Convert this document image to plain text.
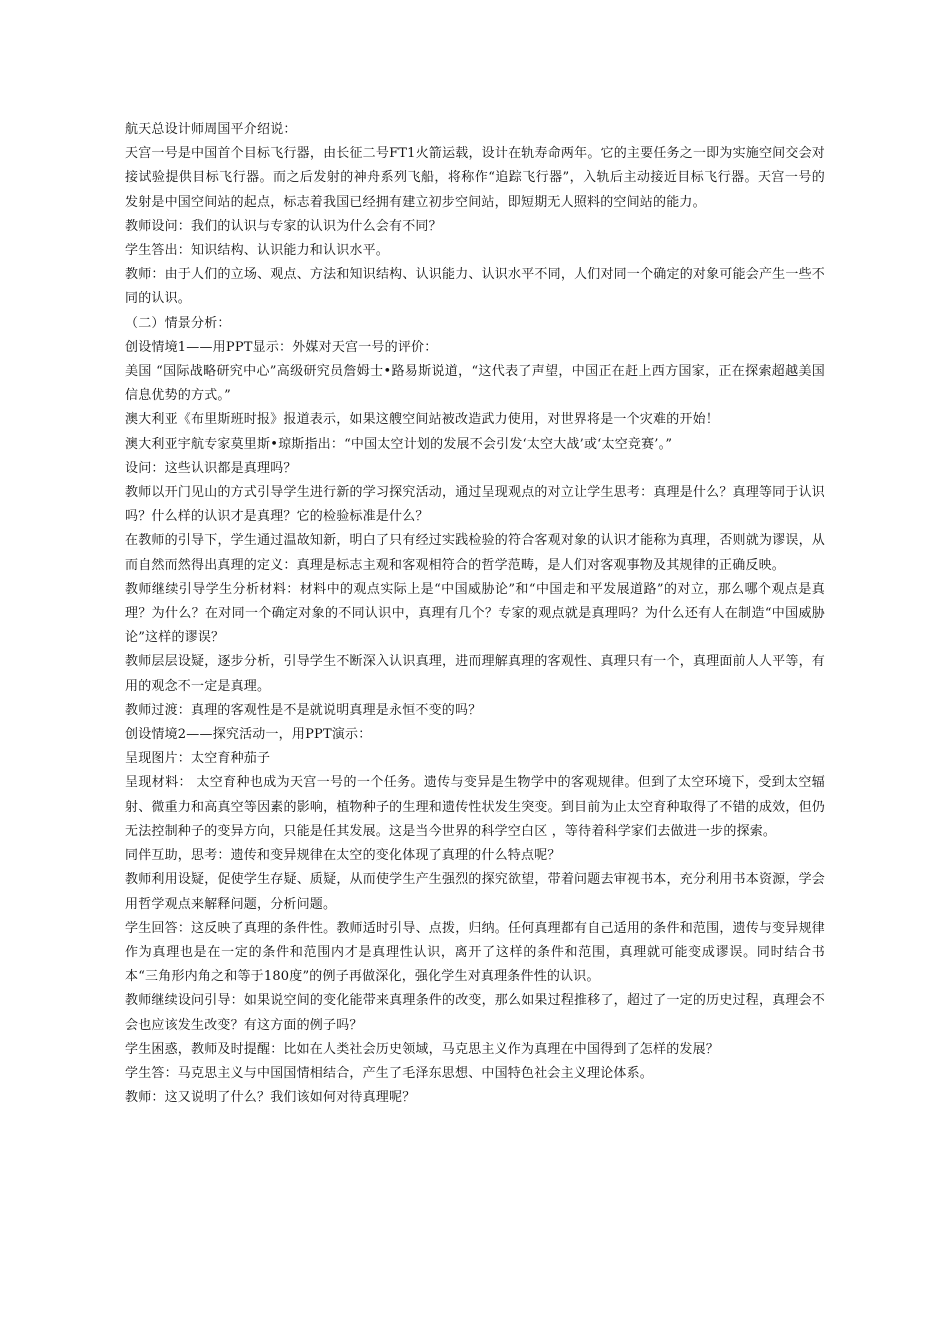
航天总设计师周国平介绍说：

天宫一号是中国首个目标飞行器，由长征二号FT1火箭运载，设计在轨寿命两年。它的主要任务之一即为实施空间交会对接试验提供目标飞行器。而之后发射的神舟系列飞船，将称作“追踪飞行器”，入轨后主动接近目标飞行器。天宫一号的发射是中国空间站的起点，标志着我国已经拥有建立初步空间站，即短期无人照料的空间站的能力。

教师设问：我们的认识与专家的认识为什么会有不同？

学生答出：知识结构、认识能力和认识水平。

教师：由于人们的立场、观点、方法和知识结构、认识能力、认识水平不同，人们对同一个确定的对象可能会产生一些不同的认识。

（二）情景分析：

创设情境1——用PPT显示：外媒对天宫一号的评价：

美国 “国际战略研究中心”高级研究员詹姆士•路易斯说道，“这代表了声望，中国正在赶上西方国家，正在探索超越美国信息优势的方式。”

澳大利亚《布里斯班时报》报道表示，如果这艘空间站被改造武力使用，对世界将是一个灾难的开始！

澳大利亚宇航专家莫里斯•琼斯指出：“中国太空计划的发展不会引发‘太空大战’或‘太空竞赛’。”

设问：这些认识都是真理吗？

教师以开门见山的方式引导学生进行新的学习探究活动，通过呈现观点的对立让学生思考：真理是什么？真理等同于认识吗？什么样的认识才是真理？它的检验标准是什么？

在教师的引导下，学生通过温故知新，明白了只有经过实践检验的符合客观对象的认识才能称为真理，否则就为谬误，从而自然而然得出真理的定义：真理是标志主观和客观相符合的哲学范畴，是人们对客观事物及其规律的正确反映。

教师继续引导学生分析材料：材料中的观点实际上是“中国威胁论”和“中国走和平发展道路”的对立，那么哪个观点是真理？为什么？在对同一个确定对象的不同认识中，真理有几个？专家的观点就是真理吗？为什么还有人在制造“中国威胁论”这样的谬误？

教师层层设疑，逐步分析，引导学生不断深入认识真理，进而理解真理的客观性、真理只有一个，真理面前人人平等，有用的观念不一定是真理。

教师过渡：真理的客观性是不是就说明真理是永恒不变的吗？

创设情境2——探究活动一，用PPT演示：

呈现图片：太空育种茄子

呈现材料： 太空育种也成为天宫一号的一个任务。遗传与变异是生物学中的客观规律。但到了太空环境下，受到太空辐射、微重力和高真空等因素的影响，植物种子的生理和遗传性状发生突变。到目前为止太空育种取得了不错的成效，但仍无法控制种子的变异方向，只能是任其发展。这是当今世界的科学空白区 ，等待着科学家们去做进一步的探索。

同伴互助，思考：遗传和变异规律在太空的变化体现了真理的什么特点呢？

教师利用设疑，促使学生存疑、质疑，从而使学生产生强烈的探究欲望，带着问题去审视书本，充分利用书本资源，学会用哲学观点来解释问题，分析问题。

学生回答：这反映了真理的条件性。教师适时引导、点拨，归纳。任何真理都有自己适用的条件和范围，遗传与变异规律作为真理也是在一定的条件和范围内才是真理性认识，离开了这样的条件和范围，真理就可能变成谬误。同时结合书本“三角形内角之和等于180度”的例子再做深化，强化学生对真理条件性的认识。

教师继续设问引导：如果说空间的变化能带来真理条件的改变，那么如果过程推移了，超过了一定的历史过程，真理会不会也应该发生改变？有这方面的例子吗？

学生困惑，教师及时提醒：比如在人类社会历史领域，马克思主义作为真理在中国得到了怎样的发展？

学生答：马克思主义与中国国情相结合，产生了毛泽东思想、中国特色社会主义理论体系。

教师：这又说明了什么？我们该如何对待真理呢？
